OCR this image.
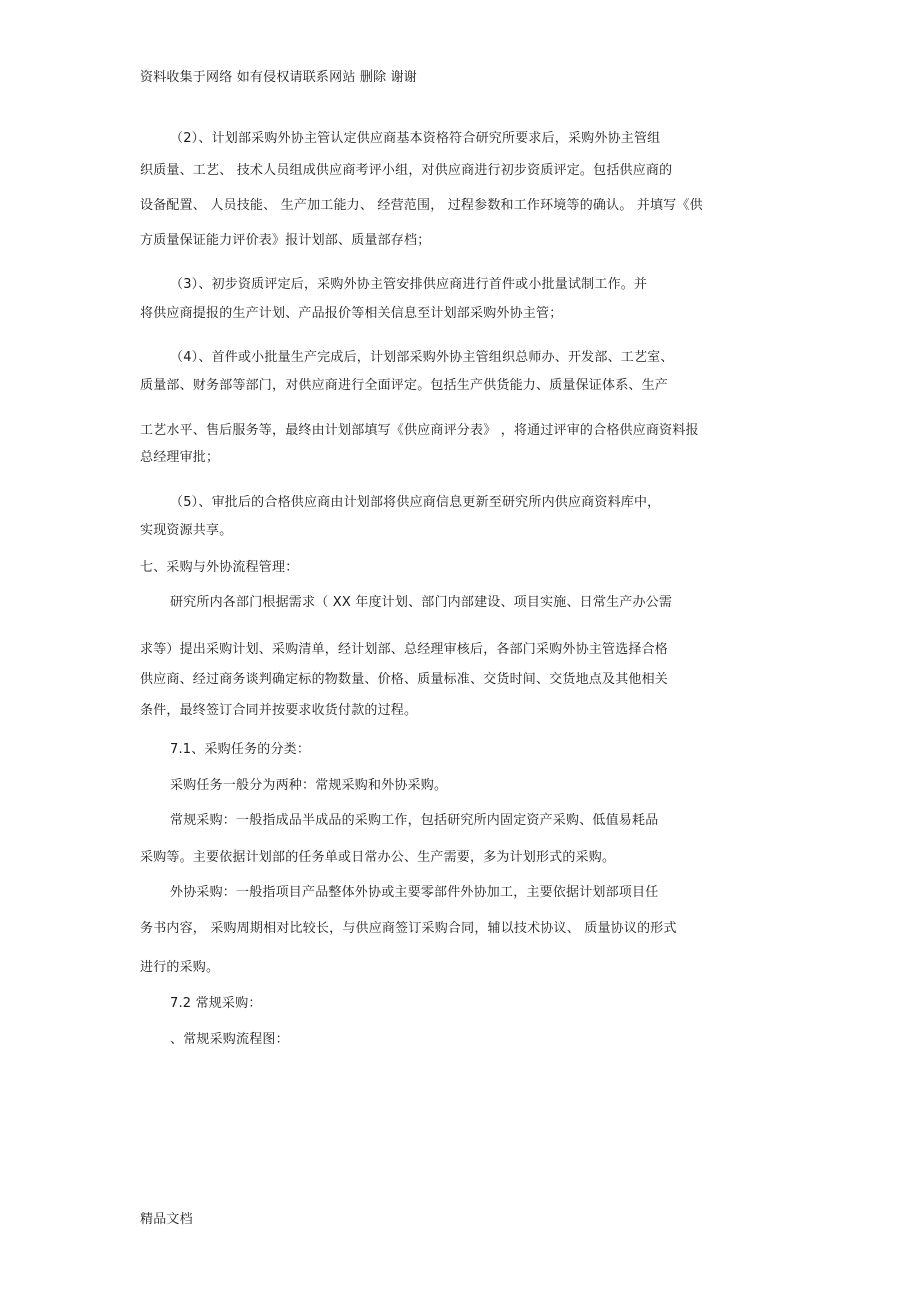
资料收集于网络 如有侵权请联系网站 删除 谢谢
（2）、计划部采购外协主管认定供应商基本资格符合研究所要求后，采购外协主管组
织质量、工艺、 技术人员组成供应商考评小组，对供应商进行初步资质评定。包括供应商的
设备配置、 人员技能、 生产加工能力、 经营范围， 过程参数和工作环境等的确认。 并填写《供
方质量保证能力评价表》报计划部、质量部存档；
（3）、初步资质评定后，采购外协主管安排供应商进行首件或小批量试制工作。并
将供应商提报的生产计划、产品报价等相关信息至计划部采购外协主管；
（4）、首件或小批量生产完成后，计划部采购外协主管组织总师办、开发部、工艺室、
质量部、财务部等部门，对供应商进行全面评定。包括生产供货能力、质量保证体系、生产
工艺水平、售后服务等，最终由计划部填写《供应商评分表》 ，将通过评审的合格供应商资料报
总经理审批；
（5）、审批后的合格供应商由计划部将供应商信息更新至研究所内供应商资料库中，
实现资源共享。
七、采购与外协流程管理：
研究所内各部门根据需求（ XX 年度计划、部门内部建设、项目实施、日常生产办公需
求等）提出采购计划、采购清单，经计划部、总经理审核后，各部门采购外协主管选择合格
供应商、经过商务谈判确定标的物数量、价格、质量标准、交货时间、交货地点及其他相关
条件，最终签订合同并按要求收货付款的过程。
7.1、采购任务的分类：
采购任务一般分为两种：常规采购和外协采购。
常规采购：一般指成品半成品的采购工作，包括研究所内固定资产采购、低值易耗品
采购等。主要依据计划部的任务单或日常办公、生产需要，多为计划形式的采购。
外协采购：一般指项目产品整体外协或主要零部件外协加工，主要依据计划部项目任
务书内容， 采购周期相对比较长，与供应商签订采购合同，辅以技术协议、 质量协议的形式
进行的采购。
7.2 常规采购：
、常规采购流程图：
精品文档
